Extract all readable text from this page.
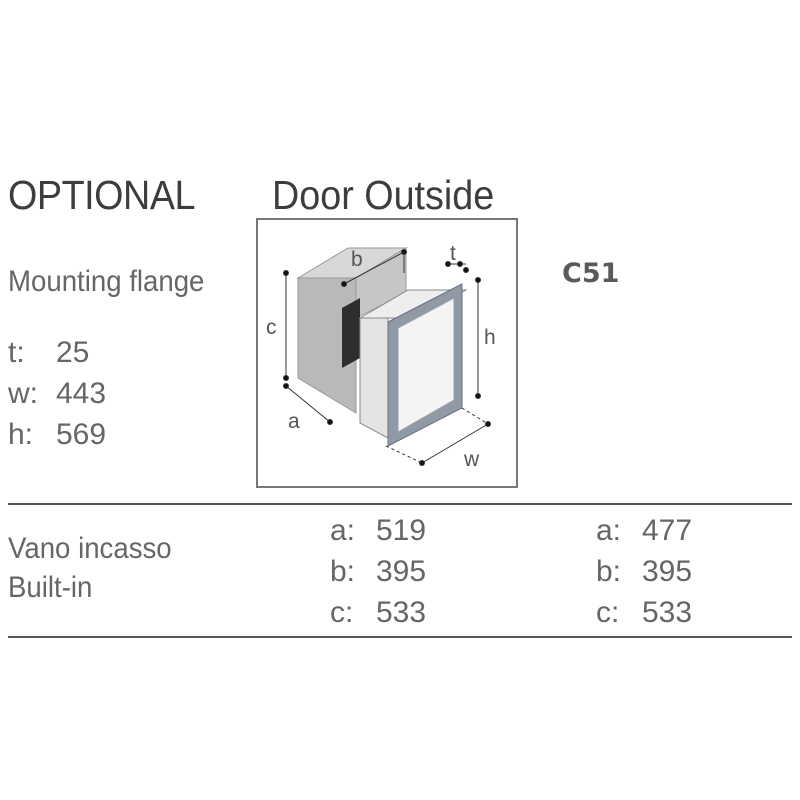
OPTIONAL Door Outside
C51
Mounting flange
t: 25
w: 443
h: 569
c
a
b	t
h
w
Vano incasso
Built-in
a: 519
b: 395
c: 533
a: 477
b: 395
c: 533
